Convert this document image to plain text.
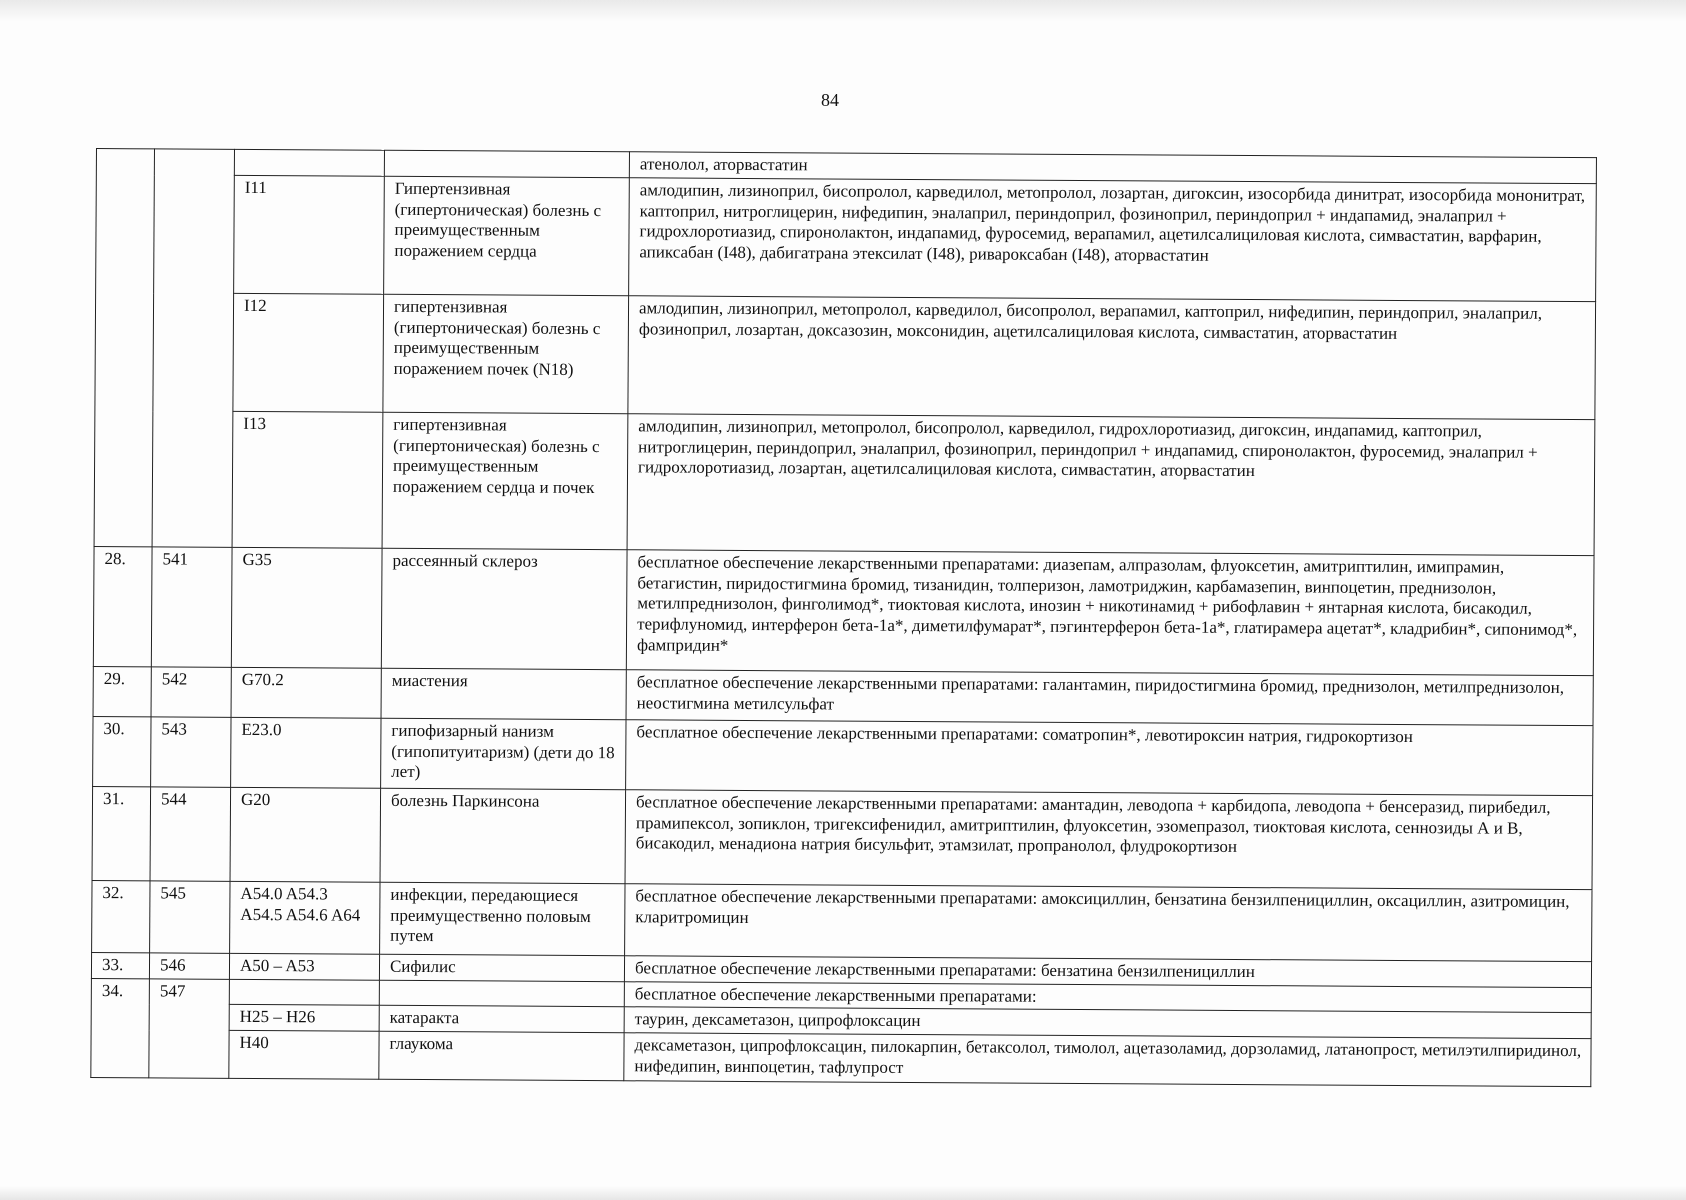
84
				атенолол, аторвастатин
		I11	Гипертензивная (гипертоническая) болезнь с преимущественным поражением сердца	амлодипин, лизиноприл, бисопролол, карведилол, метопролол, лозартан, дигоксин, изосорбида динитрат, изосорбида мононитрат, каптоприл, нитроглицерин, нифедипин, эналаприл, периндоприл, фозиноприл, периндоприл + индапамид, эналаприл + гидрохлоротиазид, спиронолактон, индапамид, фуросемид, верапамил, ацетилсалициловая кислота, симвастатин, варфарин, апиксабан (I48), дабигатрана этексилат (I48), ривароксабан (I48), аторвастатин
		I12	гипертензивная (гипертоническая) болезнь с преимущественным поражением почек (N18)	амлодипин, лизиноприл, метопролол, карведилол, бисопролол, верапамил, каптоприл, нифедипин, периндоприл, эналаприл, фозиноприл, лозартан, доксазозин, моксонидин, ацетилсалициловая кислота, симвастатин, аторвастатин
		I13	гипертензивная (гипертоническая) болезнь с преимущественным поражением сердца и почек	амлодипин, лизиноприл, метопролол, бисопролол, карведилол, гидрохлоротиазид, дигоксин, индапамид, каптоприл, нитроглицерин, периндоприл, эналаприл, фозиноприл, периндоприл + индапамид, спиронолактон, фуросемид, эналаприл + гидрохлоротиазид, лозартан, ацетилсалициловая кислота, симвастатин, аторвастатин
28.	541	G35	рассеянный склероз	бесплатное обеспечение лекарственными препаратами: диазепам, алпразолам, флуоксетин, амитриптилин, имипрамин, бетагистин, пиридостигмина бромид, тизанидин, толперизон, ламотриджин, карбамазепин, винпоцетин, преднизолон, метилпреднизолон, финголимод*, тиоктовая кислота, инозин + никотинамид + рибофлавин + янтарная кислота, бисакодил, терифлуномид, интерферон бета-1а*, диметилфумарат*, пэгинтерферон бета-1а*, глатирамера ацетат*, кладрибин*, сипонимод*, фампридин*
29.	542	G70.2	миастения	бесплатное обеспечение лекарственными препаратами: галантамин, пиридостигмина бромид, преднизолон, метилпреднизолон, неостигмина метилсульфат
30.	543	E23.0	гипофизарный нанизм (гипопитуитаризм) (дети до 18 лет)	бесплатное обеспечение лекарственными препаратами: соматропин*, левотироксин натрия, гидрокортизон
31.	544	G20	болезнь Паркинсона	бесплатное обеспечение лекарственными препаратами: амантадин, леводопа + карбидопа, леводопа + бенсеразид, пирибедил, прамипексол, зопиклон, тригексифенидил, амитриптилин, флуоксетин, эзомепразол, тиоктовая кислота, сеннозиды А и В, бисакодил, менадиона натрия бисульфит, этамзилат, пропранолол, флудрокортизон
32.	545	A54.0 A54.3 A54.5 A54.6 A64	инфекции, передающиеся преимущественно половым путем	бесплатное обеспечение лекарственными препаратами: амоксициллин, бензатина бензилпенициллин, оксациллин, азитромицин, кларитромицин
33.	546	A50 – A53	Сифилис	бесплатное обеспечение лекарственными препаратами: бензатина бензилпенициллин
34.	547			бесплатное обеспечение лекарственными препаратами:
		H25 – H26	катаракта	таурин, дексаметазон, ципрофлоксацин
		H40	глаукома	дексаметазон, ципрофлоксацин, пилокарпин, бетаксолол, тимолол, ацетазоламид, дорзоламид, латанопрост, метилэтилпиридинол, нифедипин, винпоцетин, тафлупрост
